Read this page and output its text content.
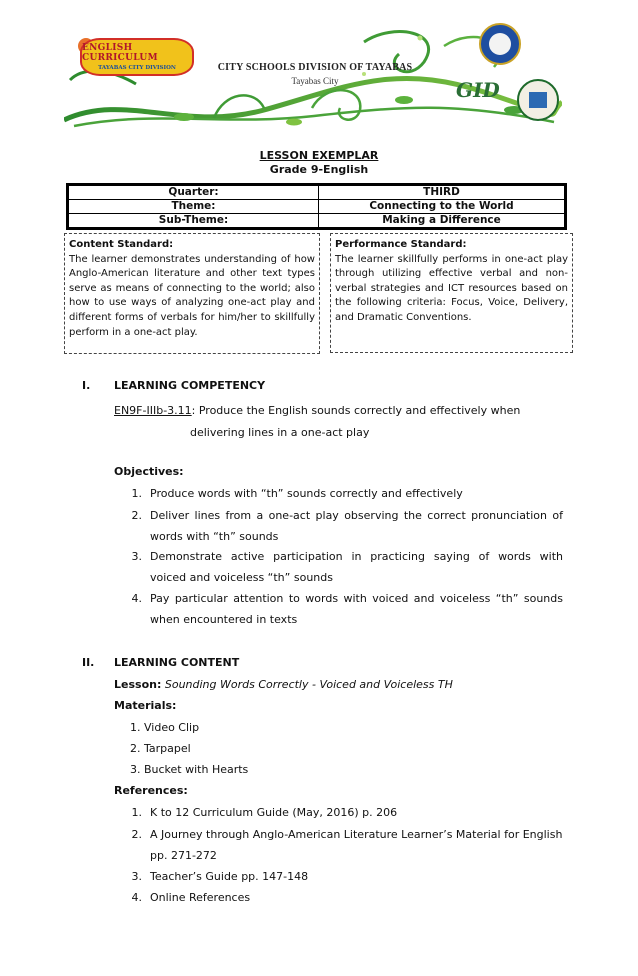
ENGLISH CURRICULUM
TAYABAS CITY DIVISION
GID
CITY SCHOOLS DIVISION OF TAYABAS
Tayabas City
LESSON EXEMPLAR
Grade 9-English
Quarter:	THIRD
Theme:	Connecting to the World
Sub-Theme:	Making a Difference
Content Standard:
The learner demonstrates understanding of how Anglo-American literature and other text types serve as means of connecting to the world; also how to use ways of analyzing one-act play and different forms of verbals for him/her to skillfully perform in a one-act play.
Performance Standard:
The learner skillfully performs in one-act play through utilizing effective verbal and non-verbal strategies and ICT resources based on the following criteria: Focus, Voice, Delivery, and Dramatic Conventions.
I. LEARNING COMPETENCY
EN9F-IIIb-3.11: Produce the English sounds correctly and effectively when
delivering lines in a one-act play
Objectives:
1. Produce words with “th” sounds correctly and effectively
2. Deliver lines from a one-act play observing the correct pronunciation of
words with “th” sounds
3. Demonstrate active participation in practicing saying of words with
voiced and voiceless “th” sounds
4. Pay particular attention to words with voiced and voiceless “th” sounds
when encountered in texts
II. LEARNING CONTENT
Lesson: Sounding Words Correctly - Voiced and Voiceless TH
Materials:
1. Video Clip
2. Tarpapel
3. Bucket with Hearts
References:
1. K to 12 Curriculum Guide (May, 2016) p. 206
2. A Journey through Anglo-American Literature Learner’s Material for English
pp. 271-272
3. Teacher’s Guide pp. 147-148
4. Online References
